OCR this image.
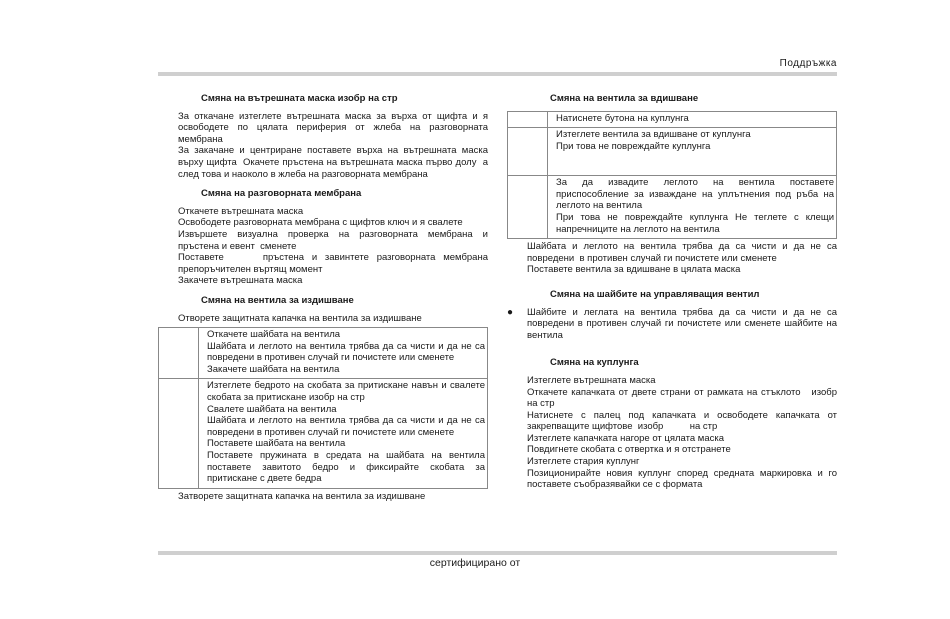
Поддръжка
Смяна на вътрешната маска изобр на стр
За откачане изтеглете вътрешната маска за върха от щифта и я освободете по цялата периферия от жлеба на разговорната мембрана
За закачане и центриране поставете върха на вътрешната маска върху щифта  Окачете пръстена на вътрешната маска първо долу  а след това и наоколо в жлеба на разговорната мембрана
Смяна на разговорната мембрана
Откачете вътрешната маска
Освободете разговорната мембрана с щифтов ключ и я свалете
Извършете визуална проверка на разговорната мембрана и     пръстена и евент  сменете
Поставете     пръстена и завинтете разговорната мембрана   препоръчителен въртящ момент
Закачете вътрешната маска
Смяна на вентила за издишване
Отворете защитната капачка на вентила за издишване

	Откачете шайбата на вентила
Шайбата и леглото на вентила трябва да са чисти и да не са повредени в противен случай ги почистете или сменете
Закачете шайбата на вентила

	Изтеглете бедрото на скобата за притискане навън и свалете скобата за притискане изобр на стр
Свалете шайбата на вентила
Шайбата и леглото на вентила трябва да са чисти и да не са повредени в противен случай ги почистете или сменете
Поставете шайбата на вентила
Поставете пружината в средата на шайбата на вентила поставете завитото бедро и фиксирайте скобата за притискане с двете бедра
Затворете защитната капачка на вентила за издишване
Смяна на вентила за вдишване

	Натиснете бутона на куплунга

	Изтеглете вентила за вдишване от куплунга
При това не повреждайте куплунга

	За да извадите леглото на вентила поставете приспособление за изваждане на уплътнения под ръба на леглото на вентила
При това не повреждайте куплунга Не теглете с клещи напречниците на леглото на вентила
Шайбата и леглото на вентила трябва да са чисти и да не са повредени  в противен случай ги почистете или сменете
Поставете вентила за вдишване в цялата маска
Смяна на шайбите на управляващия вентил
●	Шайбите и леглата на вентила трябва да са чисти и да не са повредени в противен случай ги почистете или сменете шайбите на вентила
Смяна на куплунга
Изтеглете вътрешната маска
Откачете капачката от двете страни от рамката на стъклото   изобр        на стр
Натиснете с палец под капачката и освободете капачката от закрепващите щифтове  изобр          на стр
Изтеглете капачката нагоре от цялата маска
Повдигнете скобата с отвертка и я отстранете
Изтеглете стария куплунг
Позиционирайте новия куплунг според средната маркировка и го поставете съобразявайки се с формата
сертифицирано от
